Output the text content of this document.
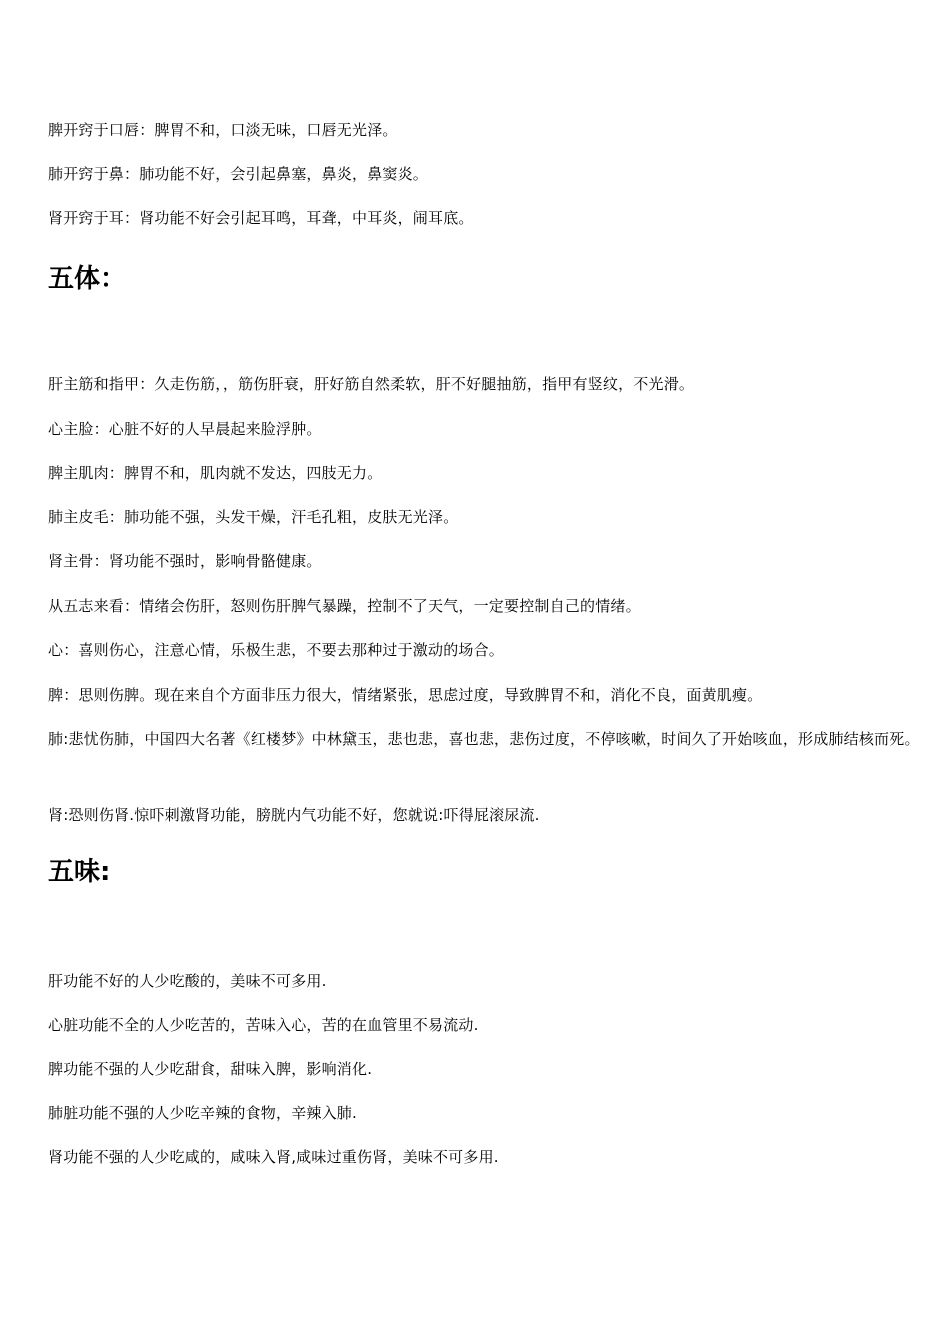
脾开窍于口唇：脾胃不和，口淡无味，口唇无光泽。
肺开窍于鼻：肺功能不好，会引起鼻塞，鼻炎，鼻窦炎。
肾开窍于耳：肾功能不好会引起耳鸣，耳聋，中耳炎，闹耳底。
五体：
肝主筋和指甲：久走伤筋，，筋伤肝衰，肝好筋自然柔软，肝不好腿抽筋，指甲有竖纹，不光滑。
心主脸：心脏不好的人早晨起来脸浮肿。
脾主肌肉：脾胃不和，肌肉就不发达，四肢无力。
肺主皮毛：肺功能不强，头发干燥，汗毛孔粗，皮肤无光泽。
肾主骨：肾功能不强时，影响骨骼健康。
从五志来看：情绪会伤肝，怒则伤肝脾气暴躁，控制不了天气，一定要控制自己的情绪。
心：喜则伤心，注意心情，乐极生悲，不要去那种过于激动的场合。
脾：思则伤脾。现在来自个方面非压力很大，情绪紧张，思虑过度，导致脾胃不和，消化不良，面黄肌瘦。
肺:悲忧伤肺，中国四大名著《红楼梦》中林黛玉，悲也悲，喜也悲，悲伤过度，不停咳嗽，时间久了开始咳血，形成肺结核而死。
肾:恐则伤肾.惊吓刺激肾功能，膀胱内气功能不好，您就说:吓得屁滚尿流.
五味:
肝功能不好的人少吃酸的，美味不可多用.
心脏功能不全的人少吃苦的，苦味入心，苦的在血管里不易流动.
脾功能不强的人少吃甜食，甜味入脾，影响消化.
肺脏功能不强的人少吃辛辣的食物，辛辣入肺.
肾功能不强的人少吃咸的，咸味入肾,咸味过重伤肾，美味不可多用.
